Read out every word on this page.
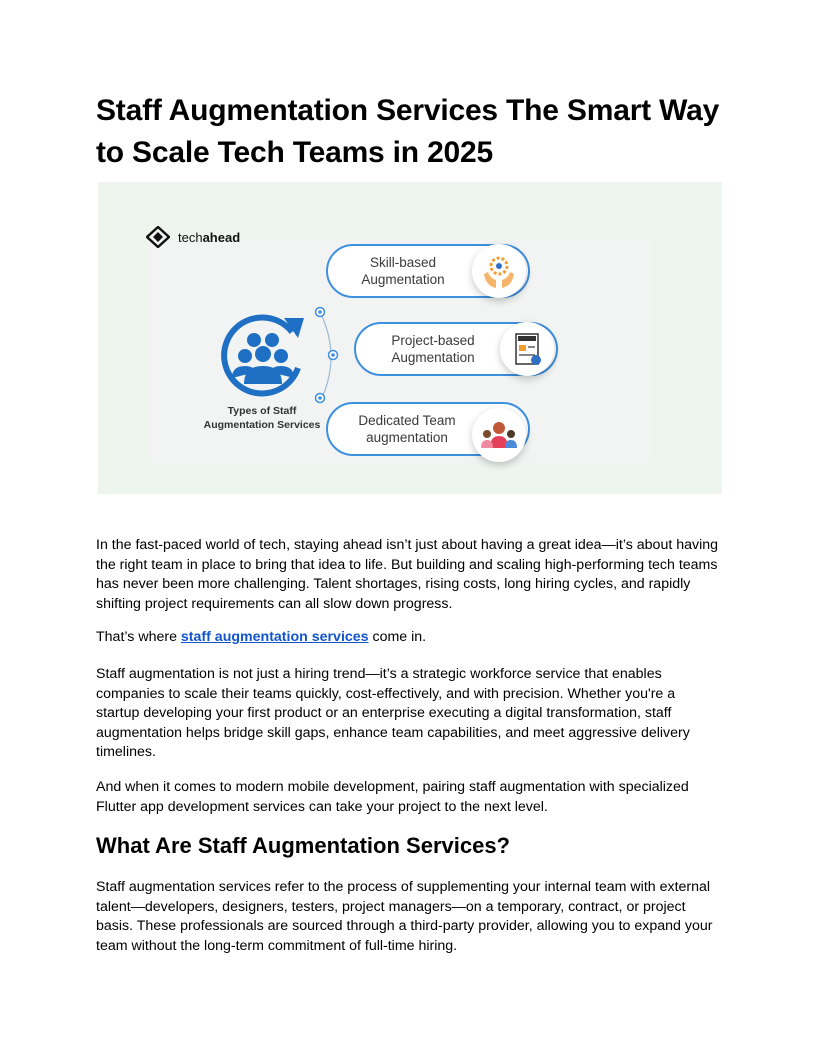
Staff Augmentation Services The Smart Way to Scale Tech Teams in 2025
techahead
Types of Staff Augmentation Services
Skill-based Augmentation
Project-based Augmentation
Dedicated Team augmentation

In the fast-paced world of tech, staying ahead isn’t just about having a great idea—it’s about having the right team in place to bring that idea to life. But building and scaling high-performing tech teams has never been more challenging. Talent shortages, rising costs, long hiring cycles, and rapidly shifting project requirements can all slow down progress.

That’s where staff augmentation services come in.

Staff augmentation is not just a hiring trend—it’s a strategic workforce service that enables companies to scale their teams quickly, cost-effectively, and with precision. Whether you're a startup developing your first product or an enterprise executing a digital transformation, staff augmentation helps bridge skill gaps, enhance team capabilities, and meet aggressive delivery timelines.

And when it comes to modern mobile development, pairing staff augmentation with specialized Flutter app development services can take your project to the next level.

What Are Staff Augmentation Services?

Staff augmentation services refer to the process of supplementing your internal team with external talent—developers, designers, testers, project managers—on a temporary, contract, or project basis. These professionals are sourced through a third-party provider, allowing you to expand your team without the long-term commitment of full-time hiring.
